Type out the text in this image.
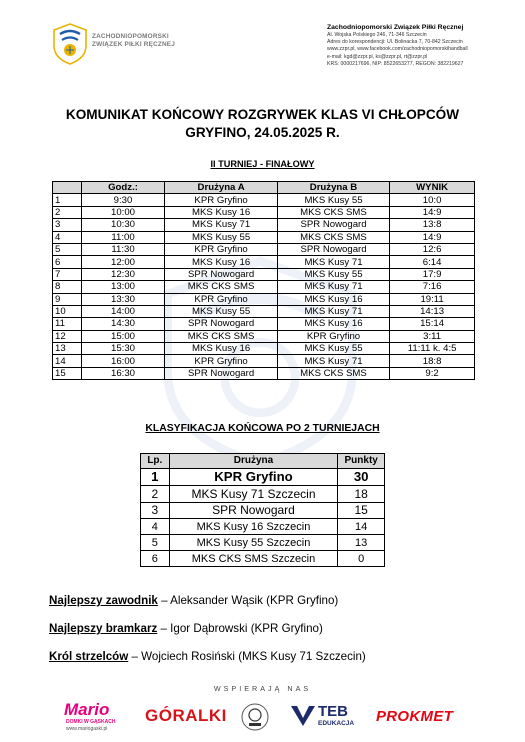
ZACHODNIOPOMORSKI
ZWIĄZEK PIŁKI RĘCZNEJ
Zachodniopomorski Związek Piłki Ręcznej
Al. Wojska Polskiego 246, 71-346 Szczecin
Adres do korespondencji: Ul. Bolinacka 7, 70-842 Szczecin
www.zzpr.pl, www.facebook.com/zachodniopomorskihandball
e-mail: kgd@zzpr.pl, ks@zzpr.pl, rt@zzpr.pl
KRS: 0000217696, NIP: 8522653277, REGON: 382219627
KOMUNIKAT KOŃCOWY ROZGRYWEK KLAS VI CHŁOPCÓW
GRYFINO, 24.05.2025 R.
II TURNIEJ - FINAŁOWY
	Godz.:	Drużyna A	Drużyna B	WYNIK
1	9:30	KPR Gryfino	MKS Kusy 55	10:0
2	10:00	MKS Kusy 16	MKS CKS SMS	14:9
3	10:30	MKS Kusy 71	SPR Nowogard	13:8
4	11:00	MKS Kusy 55	MKS CKS SMS	14:9
5	11:30	KPR Gryfino	SPR Nowogard	12:6
6	12:00	MKS Kusy 16	MKS Kusy 71	6:14
7	12:30	SPR Nowogard	MKS Kusy 55	17:9
8	13:00	MKS CKS SMS	MKS Kusy 71	7:16
9	13:30	KPR Gryfino	MKS Kusy 16	19:11
10	14:00	MKS Kusy 55	MKS Kusy 71	14:13
11	14:30	SPR Nowogard	MKS Kusy 16	15:14
12	15:00	MKS CKS SMS	KPR Gryfino	3:11
13	15:30	MKS Kusy 16	MKS Kusy 55	11:11 k. 4:5
14	16:00	KPR Gryfino	MKS Kusy 71	18:8
15	16:30	SPR Nowogard	MKS CKS SMS	9:2
KLASYFIKACJA KOŃCOWA PO 2 TURNIEJACH
Lp.	Drużyna	Punkty
1	KPR Gryfino	30
2	MKS Kusy 71 Szczecin	18
3	SPR Nowogard	15
4	MKS Kusy 16 Szczecin	14
5	MKS Kusy 55 Szczecin	13
6	MKS CKS SMS Szczecin	0
Najlepszy zawodnik – Aleksander Wąsik (KPR Gryfino)
Najlepszy bramkarz – Igor Dąbrowski (KPR Gryfino)
Król strzelców – Wojciech Rosiński (MKS Kusy 71 Szczecin)
WSPIERAJĄ NAS
Mario
DOMKI W GĄSKACH
www.mariogaski.pl
GÓRALKI	TEB
EDUKACJA PROKMET
